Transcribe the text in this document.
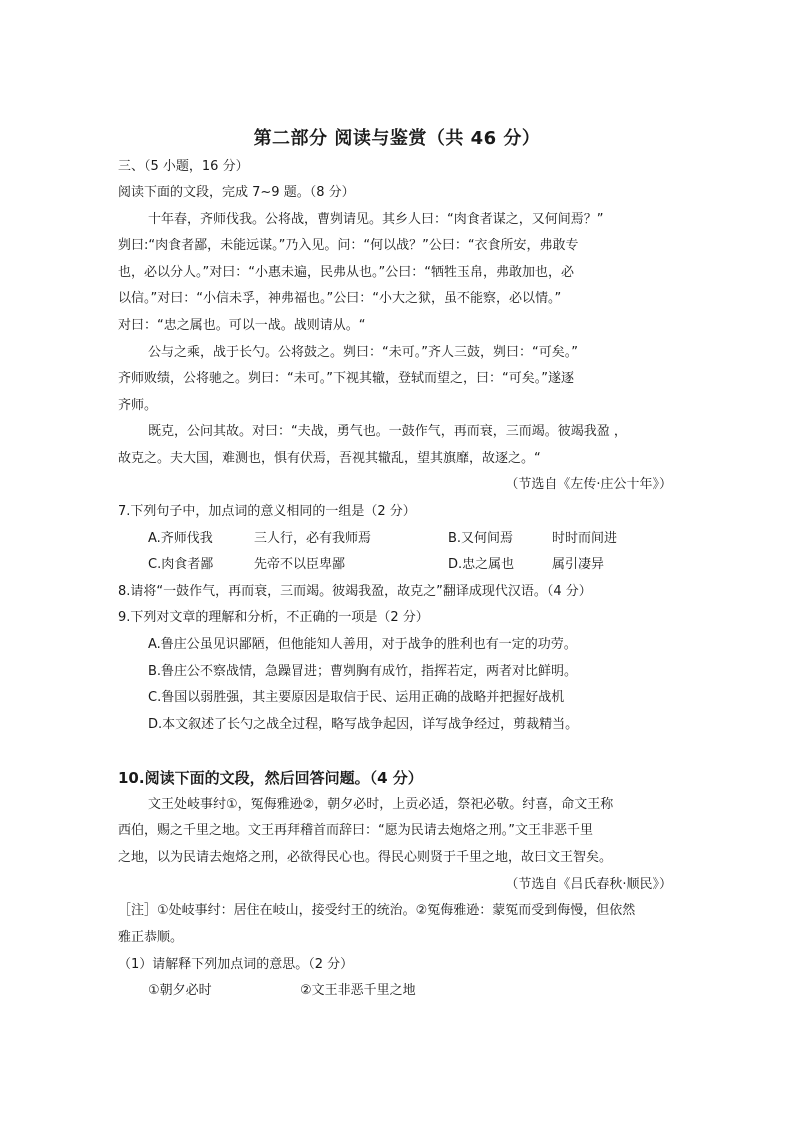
第二部分 阅读与鉴赏（共 46 分）
三、（5 小题，16 分）
阅读下面的文段，完成 7~9 题。（8 分）
十年春，齐师伐我。公将战，曹刿请见。其乡人曰：“肉食者谋之，又何间焉？”
刿曰:“肉食者鄙，未能远谋。”乃入见。问：“何以战？”公曰：“衣食所安，弗敢专
也，必以分人。”对曰：“小惠未遍，民弗从也。”公曰：“牺牲玉帛，弗敢加也，必
以信。”对曰：“小信未孚，神弗福也。”公曰：“小大之狱，虽不能察，必以情。”
对曰：“忠之属也。可以一战。战则请从。“
公与之乘，战于长勺。公将鼓之。刿曰：“未可。”齐人三鼓，刿曰：“可矣。”
齐师败绩，公将驰之。刿曰：“未可。”下视其辙，登轼而望之，曰：“可矣。”遂逐
齐师。
既克，公问其故。对曰：“夫战，勇气也。一鼓作气，再而衰，三而竭。彼竭我盈 ，
故克之。夫大国，难测也，惧有伏焉，吾视其辙乱，望其旗靡，故逐之。“
（节选自《左传·庄公十年》）
7.下列句子中，加点词的意义相同的一组是（2 分）
A.齐师伐我	三人行，必有我师焉	B.又何间焉	时时而间进
C.肉食者鄙	先帝不以臣卑鄙	D.忠之属也	属引凄异
8.请将“一鼓作气，再而衰，三而竭。彼竭我盈，故克之”翻译成现代汉语。（4 分）
9.下列对文章的理解和分析，不正确的一项是（2 分）
A.鲁庄公虽见识鄙陋，但他能知人善用，对于战争的胜利也有一定的功劳。
B.鲁庄公不察战情，急躁冒进；曹刿胸有成竹，指挥若定，两者对比鲜明。
C.鲁国以弱胜强，其主要原因是取信于民、运用正确的战略并把握好战机
D.本文叙述了长勺之战全过程，略写战争起因，详写战争经过，剪裁精当。
10.阅读下面的文段，然后回答问题。（4 分）
文王处岐事纣①，冤侮雅逊②，朝夕必时，上贡必适，祭祀必敬。纣喜，命文王称
西伯，赐之千里之地。文王再拜稽首而辞曰：“愿为民请去炮烙之刑。”文王非恶千里
之地，以为民请去炮烙之刑，必欲得民心也。得民心则贤于千里之地，故曰文王智矣。
（节选自《吕氏春秋·顺民》）
［注］①处岐事纣：居住在岐山，接受纣王的统治。②冤侮雅逊：蒙冤而受到侮慢，但依然
雅正恭顺。
（1）请解释下列加点词的意思。（2 分）
①朝夕必时	②文王非恶千里之地
